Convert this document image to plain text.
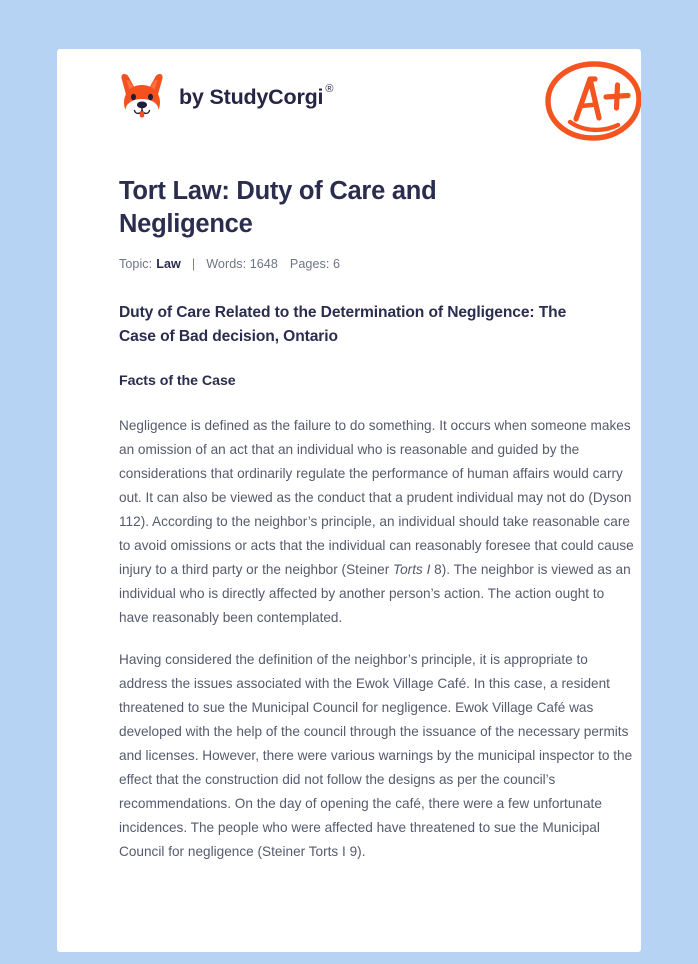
by StudyCorgi ®
Tort Law: Duty of Care and Negligence
Topic: Law | Words: 1648 Pages: 6
Duty of Care Related to the Determination of Negligence: The Case of Bad decision, Ontario
Facts of the Case

Negligence is defined as the failure to do something. It occurs when someone makes an omission of an act that an individual who is reasonable and guided by the considerations that ordinarily regulate the performance of human affairs would carry out. It can also be viewed as the conduct that a prudent individual may not do (Dyson 112). According to the neighbor’s principle, an individual should take reasonable care to avoid omissions or acts that the individual can reasonably foresee that could cause injury to a third party or the neighbor (Steiner Torts I 8). The neighbor is viewed as an individual who is directly affected by another person’s action. The action ought to have reasonably been contemplated.

Having considered the definition of the neighbor’s principle, it is appropriate to address the issues associated with the Ewok Village Café. In this case, a resident threatened to sue the Municipal Council for negligence. Ewok Village Café was developed with the help of the council through the issuance of the necessary permits and licenses. However, there were various warnings by the municipal inspector to the effect that the construction did not follow the designs as per the council’s recommendations. On the day of opening the café, there were a few unfortunate incidences. The people who were affected have threatened to sue the Municipal Council for negligence (Steiner Torts I 9).
